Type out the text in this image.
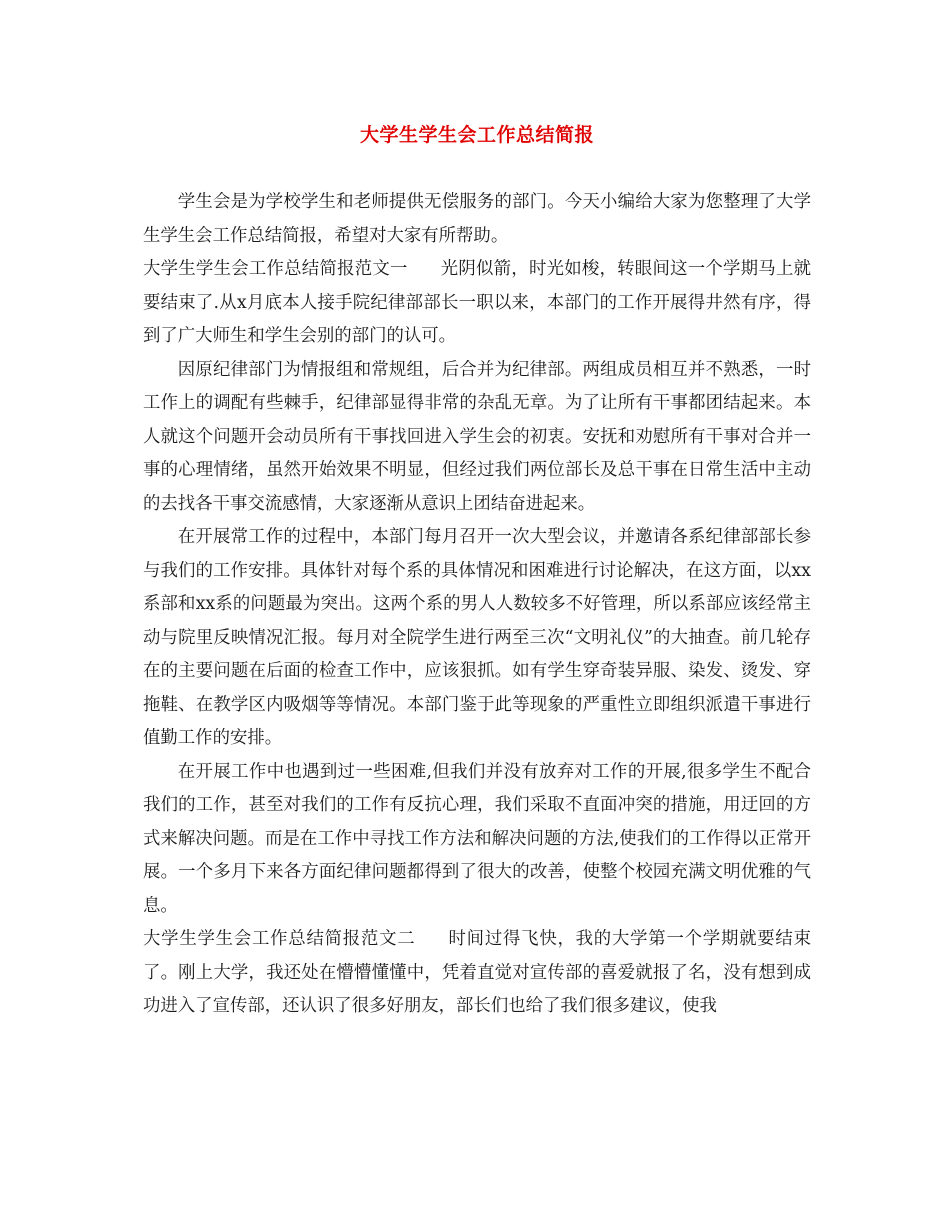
大学生学生会工作总结简报

学生会是为学校学生和老师提供无偿服务的部门。今天小编给大家为您整理了大学生学生会工作总结简报，希望对大家有所帮助。

大学生学生会工作总结简报范文一 光阴似箭，时光如梭，转眼间这一个学期马上就要结束了.从x月底本人接手院纪律部部长一职以来，本部门的工作开展得井然有序，得到了广大师生和学生会别的部门的认可。

因原纪律部门为情报组和常规组，后合并为纪律部。两组成员相互并不熟悉，一时工作上的调配有些棘手，纪律部显得非常的杂乱无章。为了让所有干事都团结起来。本人就这个问题开会动员所有干事找回进入学生会的初衷。安抚和劝慰所有干事对合并一事的心理情绪，虽然开始效果不明显，但经过我们两位部长及总干事在日常生活中主动的去找各干事交流感情，大家逐渐从意识上团结奋进起来。

在开展常工作的过程中，本部门每月召开一次大型会议，并邀请各系纪律部部长参与我们的工作安排。具体针对每个系的具体情况和困难进行讨论解决，在这方面，以xx系部和xx系的问题最为突出。这两个系的男人人数较多不好管理，所以系部应该经常主动与院里反映情况汇报。每月对全院学生进行两至三次“文明礼仪”的大抽查。前几轮存在的主要问题在后面的检查工作中，应该狠抓。如有学生穿奇装异服、染发、烫发、穿拖鞋、在教学区内吸烟等等情况。本部门鉴于此等现象的严重性立即组织派遣干事进行值勤工作的安排。

在开展工作中也遇到过一些困难,但我们并没有放弃对工作的开展,很多学生不配合我们的工作，甚至对我们的工作有反抗心理，我们采取不直面冲突的措施，用迂回的方式来解决问题。而是在工作中寻找工作方法和解决问题的方法,使我们的工作得以正常开展。一个多月下来各方面纪律问题都得到了很大的改善，使整个校园充满文明优雅的气息。

大学生学生会工作总结简报范文二 时间过得飞快，我的大学第一个学期就要结束了。刚上大学，我还处在懵懵懂懂中，凭着直觉对宣传部的喜爱就报了名，没有想到成功进入了宣传部，还认识了很多好朋友，部长们也给了我们很多建议，使我
